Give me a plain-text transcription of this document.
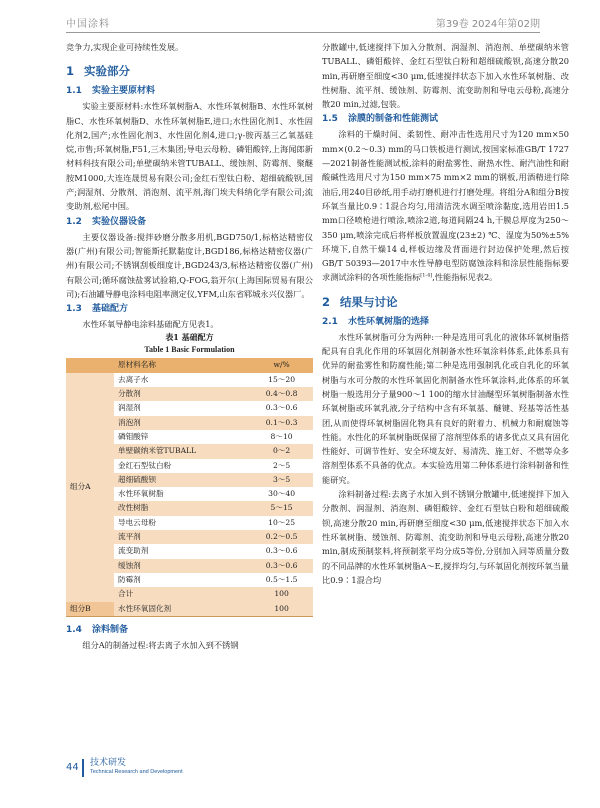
中国涂料	第39卷 2024年第02期

竞争力,实现企业可持续性发展。

1 实验部分
1.1 实验主要原材料

实验主要原材料:水性环氧树脂A、水性环氧树脂B、水性环氧树脂C、水性环氧树脂D、水性环氧树脂E,进口;水性固化剂1、水性固化剂2,国产;水性固化剂3、水性固化剂4,进口;γ-胺丙基三乙氧基硅烷,市售;环氧树脂,F51,三木集团;导电云母粉、磷钼酸锌,上海闻郎新材料科技有限公司;单壁碳纳米管TUBALL、缓蚀剂、防霉剂、聚醚胺M1000,大连连晟贸易有限公司;金红石型钛白粉、超细硫酸钡,国产;润湿剂、分散剂、消泡剂、流平剂,海门埃夫科纳化学有限公司;流变助剂,松尾中国。

1.2 实验仪器设备

主要仪器设备:搅拌砂磨分散多用机,BGD750/1,标格达精密仪器(广州)有限公司;智能斯托默黏度计,BGD186,标格达精密仪器(广州)有限公司;不锈钢刮板细度计,BGD243/3,标格达精密仪器(广州)有限公司;循环腐蚀盐雾试验箱,Q-FOG,翁开尔(上海国际贸易有限公司);石油罐导静电涂料电阻率测定仪,YFM,山东省郓城永兴仪器厂。

1.3 基础配方

水性环氧导静电涂料基础配方见表1。

表1 基础配方
Table 1 Basic Formulation
	原材料名称	w/%
组分A	去离子水	15～20
	分散剂	0.4～0.8
	润湿剂	0.3～0.6
	消泡剂	0.1～0.3
	磷钼酸锌	8～10
	单壁碳纳米管TUBALL	0～2
	金红石型钛白粉	2～5
	超细硫酸钡	3～5
	水性环氧树脂	30～40
	改性树脂	5～15
	导电云母粉	10～25
	流平剂	0.2～0.5
	流变助剂	0.3～0.6
	缓蚀剂	0.3～0.6
	防霉剂	0.5～1.5
	合计	100
组分B	水性环氧固化剂	100
1.4 涂料制备

组分A的制备过程:将去离子水加入到不锈钢

分散罐中,低速搅拌下加入分散剂、润湿剂、消泡剂、单壁碳纳米管TUBALL、磷钼酸锌、金红石型钛白粉和超细硫酸钡,高速分散20 min,再研磨至细度<30 μm,低速搅拌状态下加入水性环氧树脂、改性树脂、流平剂、缓蚀剂、防霉剂、流变助剂和导电云母粉,高速分散20 min,过滤,包装。

1.5 涂膜的制备和性能测试

涂料的干燥时间、柔韧性、耐冲击性选用尺寸为120 mm×50 mm×(0.2～0.3) mm的马口铁板进行测试,按国家标准GB/T 1727—2021制备性能测试板,涂料的耐盐雾性、耐热水性、耐汽油性和耐酸碱性选用尺寸为150 mm×75 mm×2 mm的钢板,用酒精进行除油后,用240目砂纸,用手动打磨机进行打磨处理。将组分A和组分B按环氧当量比0.9∶1混合均匀,用清洁洗水调至喷涂黏度,选用岩田1.5 mm口径喷枪进行喷涂,喷涂2道,每道间隔24 h,干膜总厚度为250～350 μm,喷涂完成后将样板放置温度(23±2) ℃、湿度为50%±5%环境下,自然干燥14 d,样板边缘及背面进行封边保护处理,然后按GB/T 50393—2017中水性导静电型防腐蚀涂料和涂层性能指标要求测试涂料的各项性能指标[1-4],性能指标见表2。

2 结果与讨论
2.1 水性环氧树脂的选择

水性环氧树脂可分为两种:一种是选用可乳化的液体环氧树脂搭配具有自乳化作用的环氧固化剂制备水性环氧涂料体系,此体系具有优异的耐盐雾性和防腐性能;第二种是选用强制乳化或自乳化的环氧树脂与水可分散的水性环氧固化剂制备水性环氧涂料,此体系的环氧树脂一般选用分子量900～1 100的缩水甘油醚型环氧树脂制备水性环氧树脂或环氧乳液,分子结构中含有环氧基、醚键、羟基等活性基团,从而使得环氧树脂固化物具有良好的附着力、机械力和耐腐蚀等性能。水性化的环氧树脂既保留了溶剂型体系的诸多优点又具有固化性能好、可调节性好、安全环境友好、易清洗、施工好、不燃等众多溶剂型体系不具备的优点。本实验选用第二种体系进行涂料制备和性能研究。

涂料制备过程:去离子水加入到不锈钢分散罐中,低速搅拌下加入分散剂、润湿剂、消泡剂、磷钼酸锌、金红石型钛白粉和超细硫酸钡,高速分散20 min,再研磨至细度<30 μm,低速搅拌状态下加入水性环氧树脂、缓蚀剂、防霉剂、流变助剂和导电云母粉,高速分散20 min,制成预制浆料,将预制浆平均分成5等份,分别加入同等质量分数的不同品牌的水性环氧树脂A～E,搅拌均匀,与环氧固化剂按环氧当量比0.9∶1混合均

44 技术研发
Technical Research and Development
